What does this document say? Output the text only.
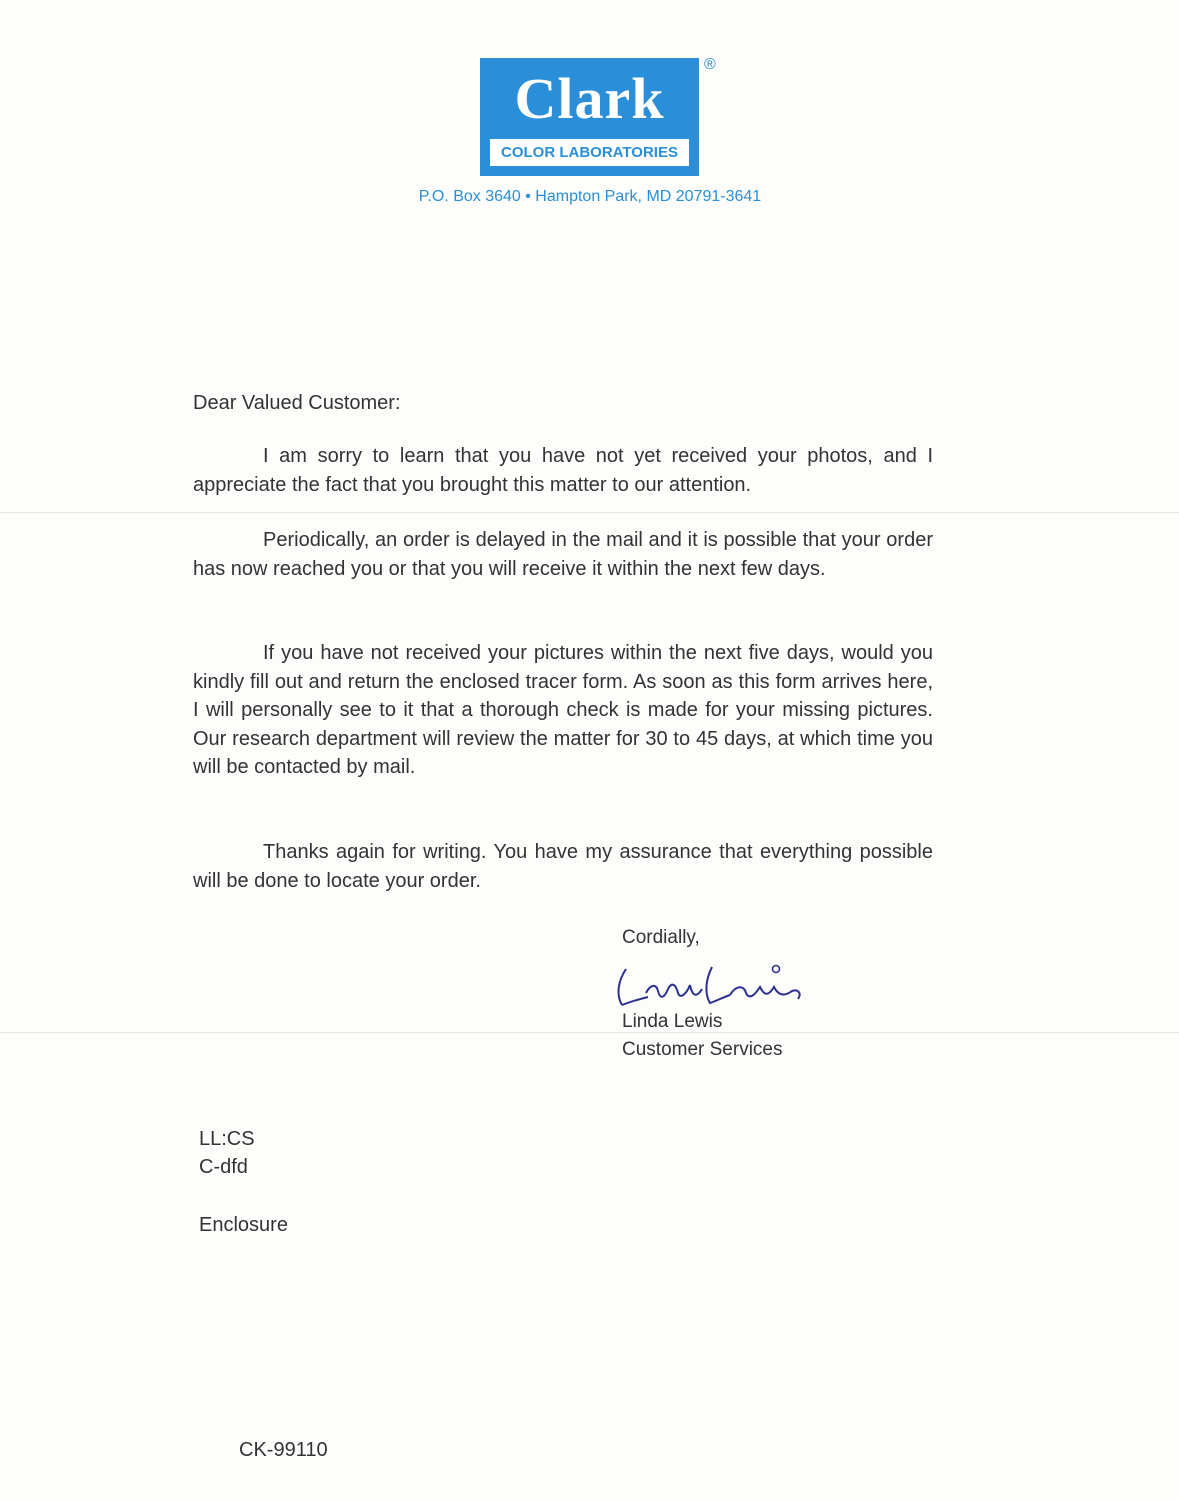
Clark
COLOR LABORATORIES
®
P.O. Box 3640 • Hampton Park, MD 20791-3641
Dear Valued Customer:

I am sorry to learn that you have not yet received your photos, and I appreciate the fact that you brought this matter to our attention.

Periodically, an order is delayed in the mail and it is possible that your order has now reached you or that you will receive it within the next few days.

If you have not received your pictures within the next five days, would you kindly fill out and return the enclosed tracer form. As soon as this form arrives here, I will personally see to it that a thorough check is made for your missing pictures. Our research department will review the matter for 30 to 45 days, at which time you will be contacted by mail.

Thanks again for writing. You have my assurance that everything possible will be done to locate your order.

Cordially,
Linda Lewis
Customer Services
LL:CS
C-dfd
Enclosure
CK-99110
